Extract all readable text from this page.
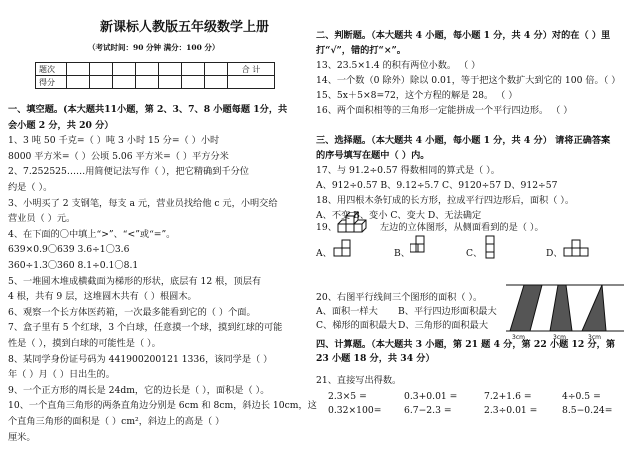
新课标人教版五年级数学上册
（考试时间：90 分钟 满分：100 分）
题次								合 计
得分								
一、填空题。(本大题共11小题，第 2、3、7、8 小题每题 1分，共
会小题 2 分，共 20 分）
1、3 吨 50 千克=（ ）吨 3 小时 15 分=（ ）小时
8000 平方米=（ ）公顷 5.06 平方米=（ ）平方分米
2、7.252525……用简便记法写作（ ），把它精确到千分位
约是（ ）。
3、小明买了 2 支钢笔，每支 a 元，营业员找给他 c 元，小明交给
营业员（ ）元。
4、在下面的〇中填上“>”、“<”或“=”。
639×0.9〇639 3.6÷1〇3.6
360÷1.3〇360 8.1÷0.1〇8.1
5、一堆圆木堆成横截面为梯形的形状，底层有 12 根，顶层有
4 根，共有 9 层，这堆圆木共有（ ）根圆木。
6、观察一个长方体医药箱，一次最多能看到它的（ ）个面。
7、盒子里有 5 个红球，3 个白球，任意摸一个球，摸到红球的可能
性是（ ），摸到白球的可能性是（ ）。
8、某同学身份证号码为 441900200121 1336，该同学是（ ）
年（ ）月（ ）日出生的。
9、一个正方形的周长是 24dm，它的边长是（ ），面积是（ ）。
10、一个直角三角形的两条直角边分别是 6cm 和 8cm，斜边长 10cm，这
个直角三角形的面积是（ ）cm²，斜边上的高是（ ）
厘米。
二、判断题。（本大题共 4 小题，每小题 1 分，共 4 分）对的在（ ）里
打“√”，错的打“×”。
13、23.5×1.4 的积有两位小数。 （ ）
14、一个数（0 除外）除以 0.01，等于把这个数扩大到它的 100 倍。（ ）
15、5x＋5×8=72，这个方程的解是 28。 （ ）
16、两个面积相等的三角形一定能拼成一个平行四边形。 （ ）
三、选择题。（本大题共 4 小题，每小题 1 分，共 4 分） 请将正确答案
的序号填写在题中（ ）内。
17、与 91.2÷0.57 得数相同的算式是（ ）。
A、912÷0.57 B、9.12÷5.7 C、9120÷57 D、912÷57
18、用四根木条钉成的长方形，拉成平行四边形后，面积（ ）。
A、不变 B、变小 C、变大 D、无法确定
19、	左边的立体图形，从侧面看到的是（ ）。
A、	B、	C、	D、
20、右图平行线间三个图形的面积（ ）。
A、面积一样大 B、平行四边形面积最大
C、梯形的面积最大 D、三角形的面积最大
3cm	3cm	3cm
四、计算题。（本大题共 3 小题，第 21 题 4 分，第 22 小题 12 分，第
23 小题 18 分，共 34 分）
21、直接写出得数。
2.3×5 =	0.3+0.01 =	7.2+1.6 =	4÷0.5 =
0.32×100= 6.7−2.3 =	2.3÷0.01 =	8.5−0.24=
